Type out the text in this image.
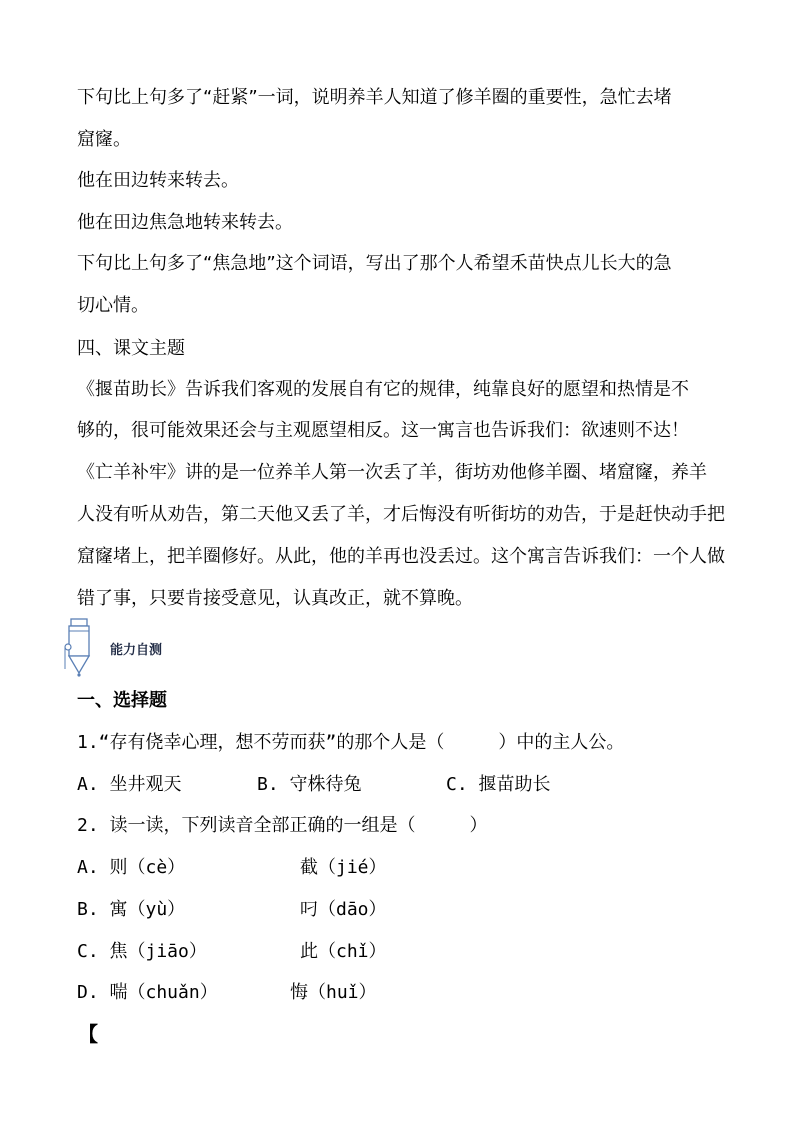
下句比上句多了“赶紧”一词，说明养羊人知道了修羊圈的重要性，急忙去堵
窟窿。
他在田边转来转去。
他在田边焦急地转来转去。
下句比上句多了“焦急地”这个词语，写出了那个人希望禾苗快点儿长大的急
切心情。
四、课文主题
《揠苗助长》告诉我们客观的发展自有它的规律，纯靠良好的愿望和热情是不
够的，很可能效果还会与主观愿望相反。这一寓言也告诉我们：欲速则不达！
《亡羊补牢》讲的是一位养羊人第一次丢了羊，街坊劝他修羊圈、堵窟窿，养羊
人没有听从劝告，第二天他又丢了羊，才后悔没有听街坊的劝告，于是赶快动手把
窟窿堵上，把羊圈修好。从此，他的羊再也没丢过。这个寓言告诉我们：一个人做
错了事，只要肯接受意见，认真改正，就不算晚。
能力自测
一、选择题
1.“存有侥幸心理，想不劳而获”的那个人是（　　　）中的主人公。
A. 坐井观天	B. 守株待兔	C. 揠苗助长
2. 读一读，下列读音全部正确的一组是（　　　）
A. 则（cè）	截（jié）
B. 寓（yù）	叼（dāo）
C. 焦（jiāo）	此（chǐ）
D. 喘（chuǎn）	悔（huǐ）
【
